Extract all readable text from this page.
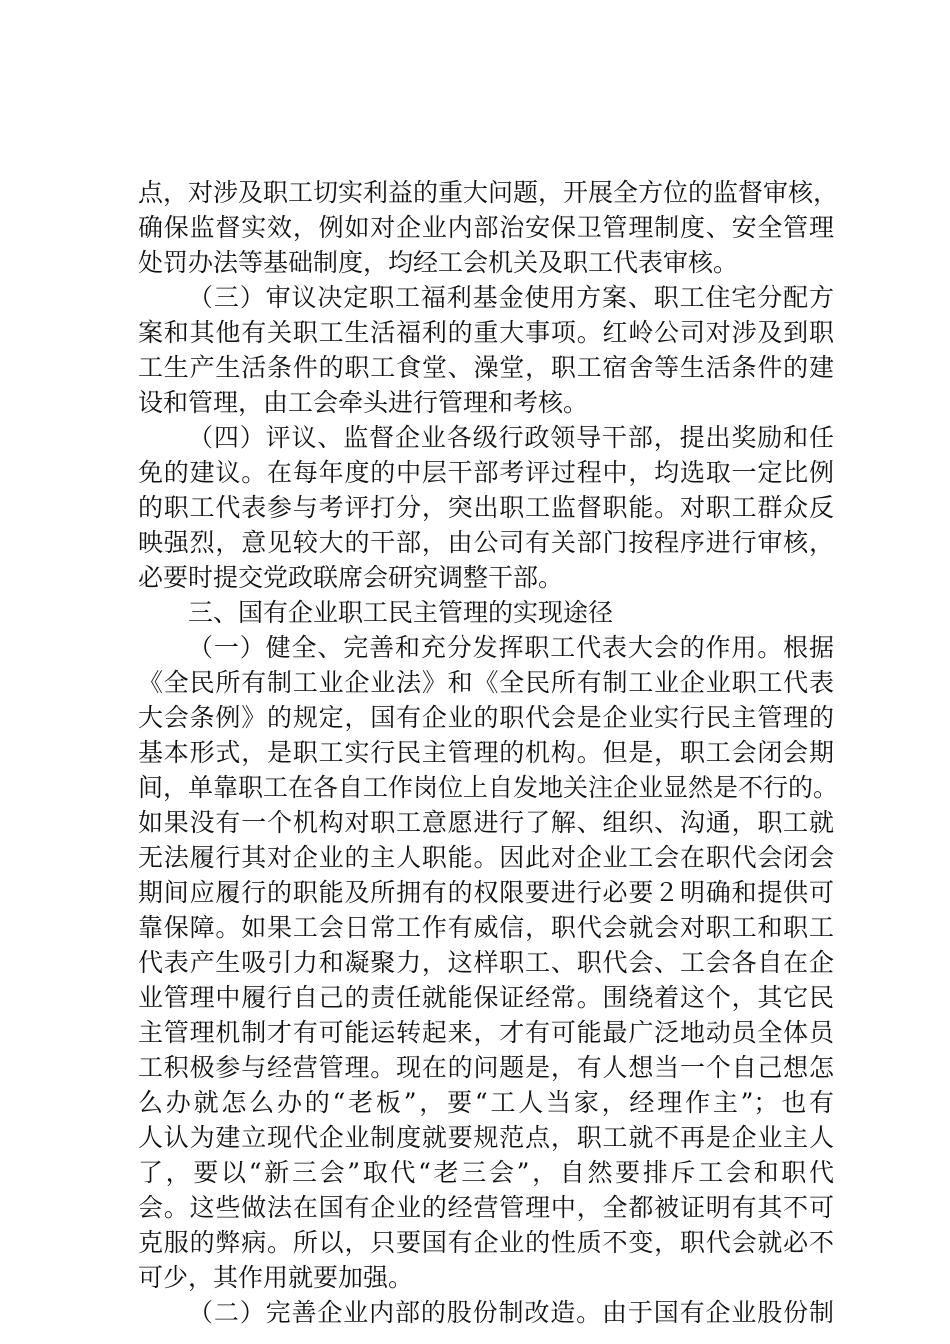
点，对涉及职工切实利益的重大问题，开展全方位的监督审核，
确保监督实效，例如对企业内部治安保卫管理制度、安全管理
处罚办法等基础制度，均经工会机关及职工代表审核。
（三）审议决定职工福利基金使用方案、职工住宅分配方
案和其他有关职工生活福利的重大事项。红岭公司对涉及到职
工生产生活条件的职工食堂、澡堂，职工宿舍等生活条件的建
设和管理，由工会牵头进行管理和考核。
（四）评议、监督企业各级行政领导干部，提出奖励和任
免的建议。在每年度的中层干部考评过程中，均选取一定比例
的职工代表参与考评打分，突出职工监督职能。对职工群众反
映强烈，意见较大的干部，由公司有关部门按程序进行审核，
必要时提交党政联席会研究调整干部。
三、国有企业职工民主管理的实现途径
（一）健全、完善和充分发挥职工代表大会的作用。根据
《全民所有制工业企业法》和《全民所有制工业企业职工代表
大会条例》的规定，国有企业的职代会是企业实行民主管理的
基本形式，是职工实行民主管理的机构。但是，职工会闭会期
间，单靠职工在各自工作岗位上自发地关注企业显然是不行的。
如果没有一个机构对职工意愿进行了解、组织、沟通，职工就
无法履行其对企业的主人职能。因此对企业工会在职代会闭会
期间应履行的职能及所拥有的权限要进行必要２明确和提供可
靠保障。如果工会日常工作有威信，职代会就会对职工和职工
代表产生吸引力和凝聚力，这样职工、职代会、工会各自在企
业管理中履行自己的责任就能保证经常。围绕着这个，其它民
主管理机制才有可能运转起来，才有可能最广泛地动员全体员
工积极参与经营管理。现在的问题是，有人想当一个自己想怎
么办就怎么办的“老板”，要“工人当家，经理作主”；也有
人认为建立现代企业制度就要规范点，职工就不再是企业主人
了，要以“新三会”取代“老三会”，自然要排斥工会和职代
会。这些做法在国有企业的经营管理中，全都被证明有其不可
克服的弊病。所以，只要国有企业的性质不变，职代会就必不
可少，其作用就要加强。
（二）完善企业内部的股份制改造。由于国有企业股份制
